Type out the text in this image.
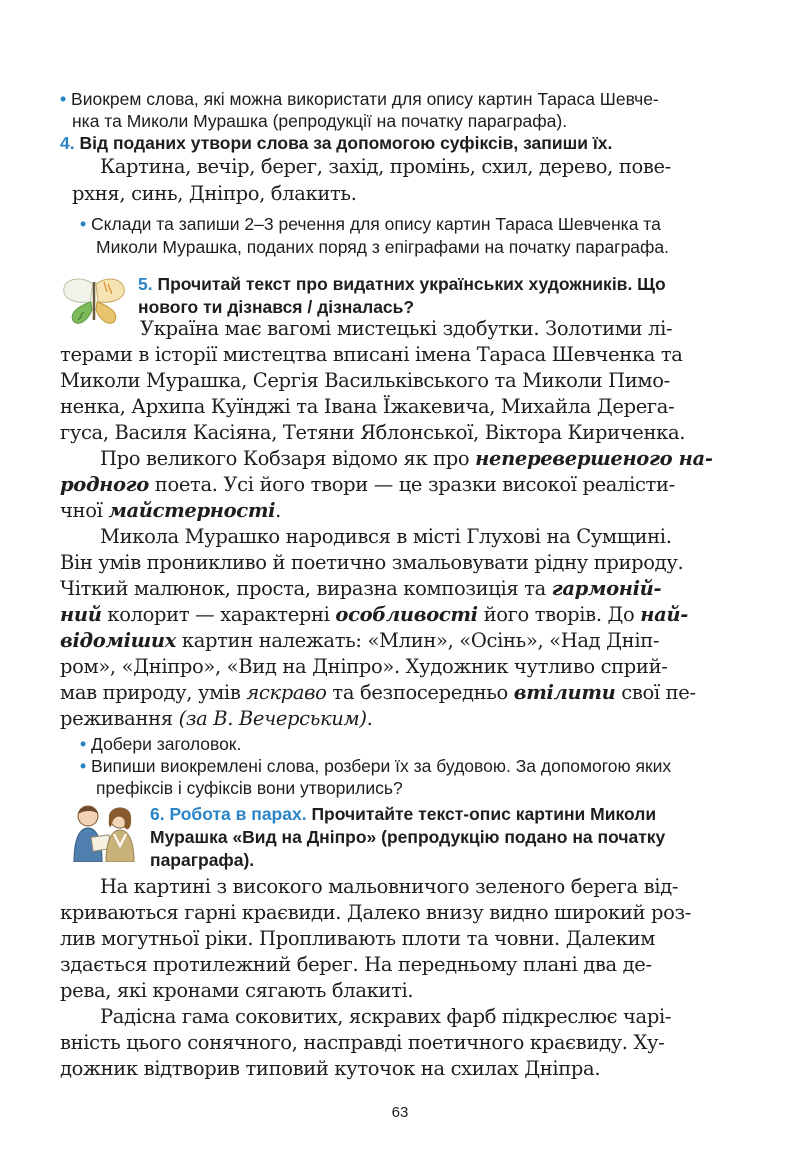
• Виокрем слова, які можна використати для опису картин Тараса Шевче-
нка та Миколи Мурашка (репродукції на початку параграфа).
4. Від поданих утвори слова за допомогою суфіксів, запиши їх.
Картина, вечір, берег, захід, промінь, схил, дерево, пове-
рхня, синь, Дніпро, блакить.
• Склади та запиши 2–3 речення для опису картин Тараса Шевченка та
Миколи Мурашка, поданих поряд з епіграфами на початку параграфа.
5. Прочитай текст про видатних українських художників. Що
нового ти дізнався / дізналась?
Україна має вагомі мистецькі здобутки. Золотими лі-
терами в історії мистецтва вписані імена Тараса Шевченка та
Миколи Мурашка, Сергія Васильківського та Миколи Пимо-
ненка, Архипа Куїнджі та Івана Їжакевича, Михайла Дерега-
гуса, Василя Касіяна, Тетяни Яблонської, Віктора Кириченка.
Про великого Кобзаря відомо як про неперевершеного на-
родного поета. Усі його твори — це зразки високої реалісти-
чної майстерності.
Микола Мурашко народився в місті Глухові на Сумщині.
Він умів проникливо й поетично змальовувати рідну природу.
Чіткий малюнок, проста, виразна композиція та гармоній-
ний колорит — характерні особливості його творів. До най-
відоміших картин належать: «Млин», «Осінь», «Над Дніп-
ром», «Дніпро», «Вид на Дніпро». Художник чутливо сприй-
мав природу, умів яскраво та безпосередньо втілити свої пе-
реживання (за В. Вечерським).
• Добери заголовок.
• Випиши виокремлені слова, розбери їх за будовою. За допомогою яких
префіксів і суфіксів вони утворились?
6. Робота в парах. Прочитайте текст-опис картини Миколи
Мурашка «Вид на Дніпро» (репродукцію подано на початку
параграфа).
На картині з високого мальовничого зеленого берега від-
криваються гарні краєвиди. Далеко внизу видно широкий роз-
лив могутньої ріки. Пропливають плоти та човни. Далеким
здається протилежний берег. На передньому плані два де-
рева, які кронами сягають блакиті.
Радісна гама соковитих, яскравих фарб підкреслює чарі-
вність цього сонячного, насправді поетичного краєвиду. Ху-
дожник відтворив типовий куточок на схилах Дніпра.
63
